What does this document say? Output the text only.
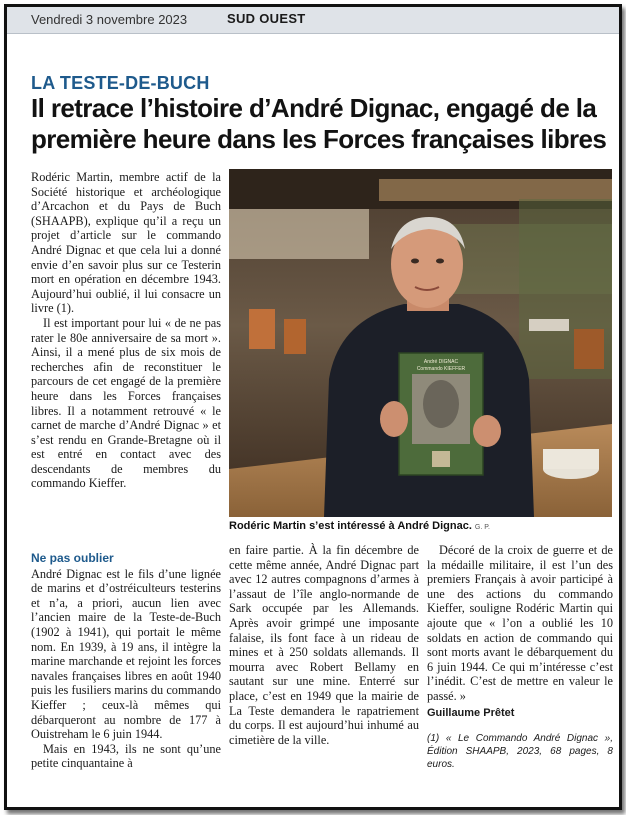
Vendredi 3 novembre 2023	SUD OUEST
LA TESTE-DE-BUCH
Il retrace l’histoire d’André Dignac, engagé de la première heure dans les Forces françaises libres

Rodéric Martin, membre actif de la Société historique et archéologique d’Arcachon et du Pays de Buch (SHAAPB), explique qu’il a reçu un projet d’article sur le commando André Dignac et que cela lui a donné envie d’en savoir plus sur ce Testerin mort en opération en décembre 1943. Aujourd’hui oublié, il lui consacre un livre (1).

Il est important pour lui « de ne pas rater le 80e anniversaire de sa mort ». Ainsi, il a mené plus de six mois de recherches afin de reconstituer le parcours de cet engagé de la première heure dans les Forces françaises libres. Il a notamment retrouvé « le carnet de marche d’André Dignac » et s’est rendu en Grande-Bretagne où il est entré en contact avec des descendants de membres du commando Kieffer.

André DIGNAC
Commando KIEFFER
Rodéric Martin s’est intéressé à André Dignac. G. P.
Ne pas oublier

André Dignac est le fils d’une lignée de marins et d’ostréiculteurs testerins et n’a, a priori, aucun lien avec l’ancien maire de la Teste-de-Buch (1902 à 1941), qui portait le même nom. En 1939, à 19 ans, il intègre la marine marchande et rejoint les forces navales françaises libres en août 1940 puis les fusiliers marins du commando Kieffer ; ceux-là mêmes qui débarqueront au nombre de 177 à Ouistreham le 6 juin 1944.

Mais en 1943, ils ne sont qu’une petite cinquantaine à

en faire partie. À la fin décembre de cette même année, André Dignac part avec 12 autres compagnons d’armes à l’assaut de l’île anglo-normande de Sark occupée par les Allemands. Après avoir grimpé une imposante falaise, ils font face à un rideau de mines et à 250 soldats allemands. Il mourra avec Robert Bellamy en sautant sur une mine. Enterré sur place, c’est en 1949 que la mairie de La Teste demandera le rapatriement du corps. Il est aujourd’hui inhumé au cimetière de la ville.

Décoré de la croix de guerre et de la médaille militaire, il est l’un des premiers Français à avoir participé à une des actions du commando Kieffer, souligne Rodéric Martin qui ajoute que « l’on a oublié les 10 soldats en action de commando qui sont morts avant le débarquement du 6 juin 1944. Ce qui m’intéresse c’est l’inédit. C’est de mettre en valeur le passé. »

Guillaume Prêtet
(1) « Le Commando André Dignac », Édition SHAAPB, 2023, 68 pages, 8 euros.
